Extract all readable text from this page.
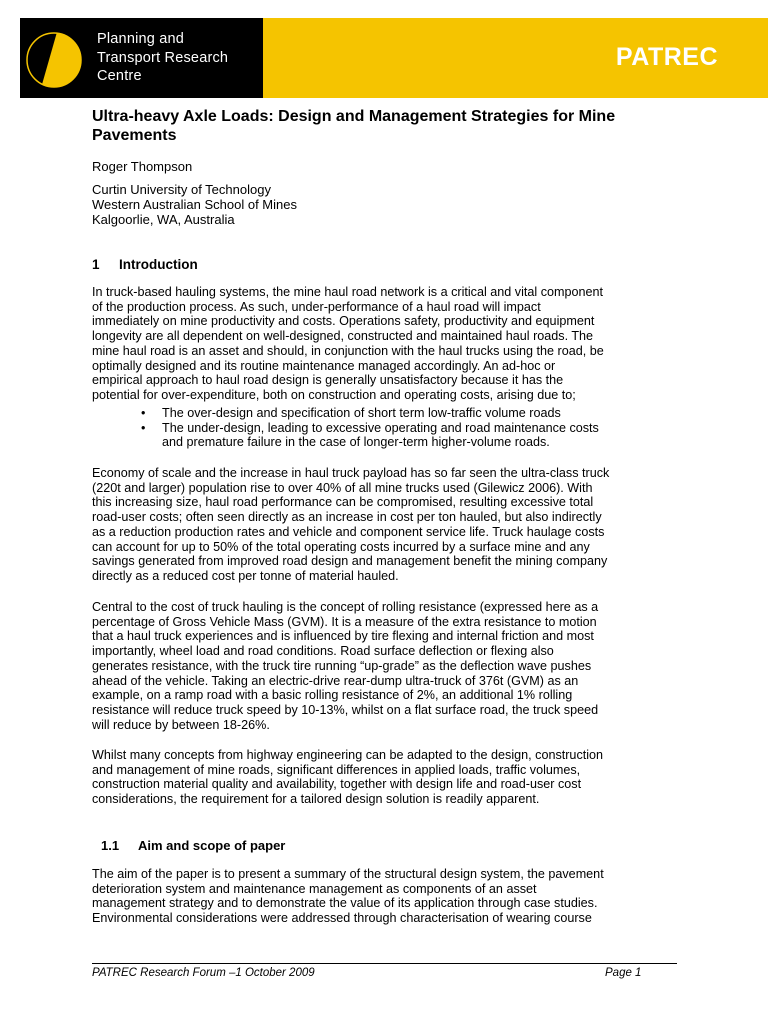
Planning and
Transport Research
Centre
PATREC
Ultra-heavy Axle Loads: Design and Management Strategies for Mine Pavements
Roger Thompson
Curtin University of Technology
Western Australian School of Mines
Kalgoorlie, WA, Australia
1 Introduction
In truck-based hauling systems, the mine haul road network is a critical and vital component
of the production process. As such, under-performance of a haul road will impact
immediately on mine productivity and costs. Operations safety, productivity and equipment
longevity are all dependent on well-designed, constructed and maintained haul roads. The
mine haul road is an asset and should, in conjunction with the haul trucks using the road, be
optimally designed and its routine maintenance managed accordingly. An ad-hoc or
empirical approach to haul road design is generally unsatisfactory because it has the
potential for over-expenditure, both on construction and operating costs, arising due to;
• The over-design and specification of short term low-traffic volume roads
• The under-design, leading to excessive operating and road maintenance costs
and premature failure in the case of longer-term higher-volume roads.
Economy of scale and the increase in haul truck payload has so far seen the ultra-class truck
(220t and larger) population rise to over 40% of all mine trucks used (Gilewicz 2006). With
this increasing size, haul road performance can be compromised, resulting excessive total
road-user costs; often seen directly as an increase in cost per ton hauled, but also indirectly
as a reduction production rates and vehicle and component service life. Truck haulage costs
can account for up to 50% of the total operating costs incurred by a surface mine and any
savings generated from improved road design and management benefit the mining company
directly as a reduced cost per tonne of material hauled.
Central to the cost of truck hauling is the concept of rolling resistance (expressed here as a
percentage of Gross Vehicle Mass (GVM). It is a measure of the extra resistance to motion
that a haul truck experiences and is influenced by tire flexing and internal friction and most
importantly, wheel load and road conditions. Road surface deflection or flexing also
generates resistance, with the truck tire running “up-grade” as the deflection wave pushes
ahead of the vehicle. Taking an electric-drive rear-dump ultra-truck of 376t (GVM) as an
example, on a ramp road with a basic rolling resistance of 2%, an additional 1% rolling
resistance will reduce truck speed by 10-13%, whilst on a flat surface road, the truck speed
will reduce by between 18-26%.
Whilst many concepts from highway engineering can be adapted to the design, construction
and management of mine roads, significant differences in applied loads, traffic volumes,
construction material quality and availability, together with design life and road-user cost
considerations, the requirement for a tailored design solution is readily apparent.
1.1 Aim and scope of paper
The aim of the paper is to present a summary of the structural design system, the pavement
deterioration system and maintenance management as components of an asset
management strategy and to demonstrate the value of its application through case studies.
Environmental considerations were addressed through characterisation of wearing course
PATREC Research Forum –1 October 2009	Page 1
